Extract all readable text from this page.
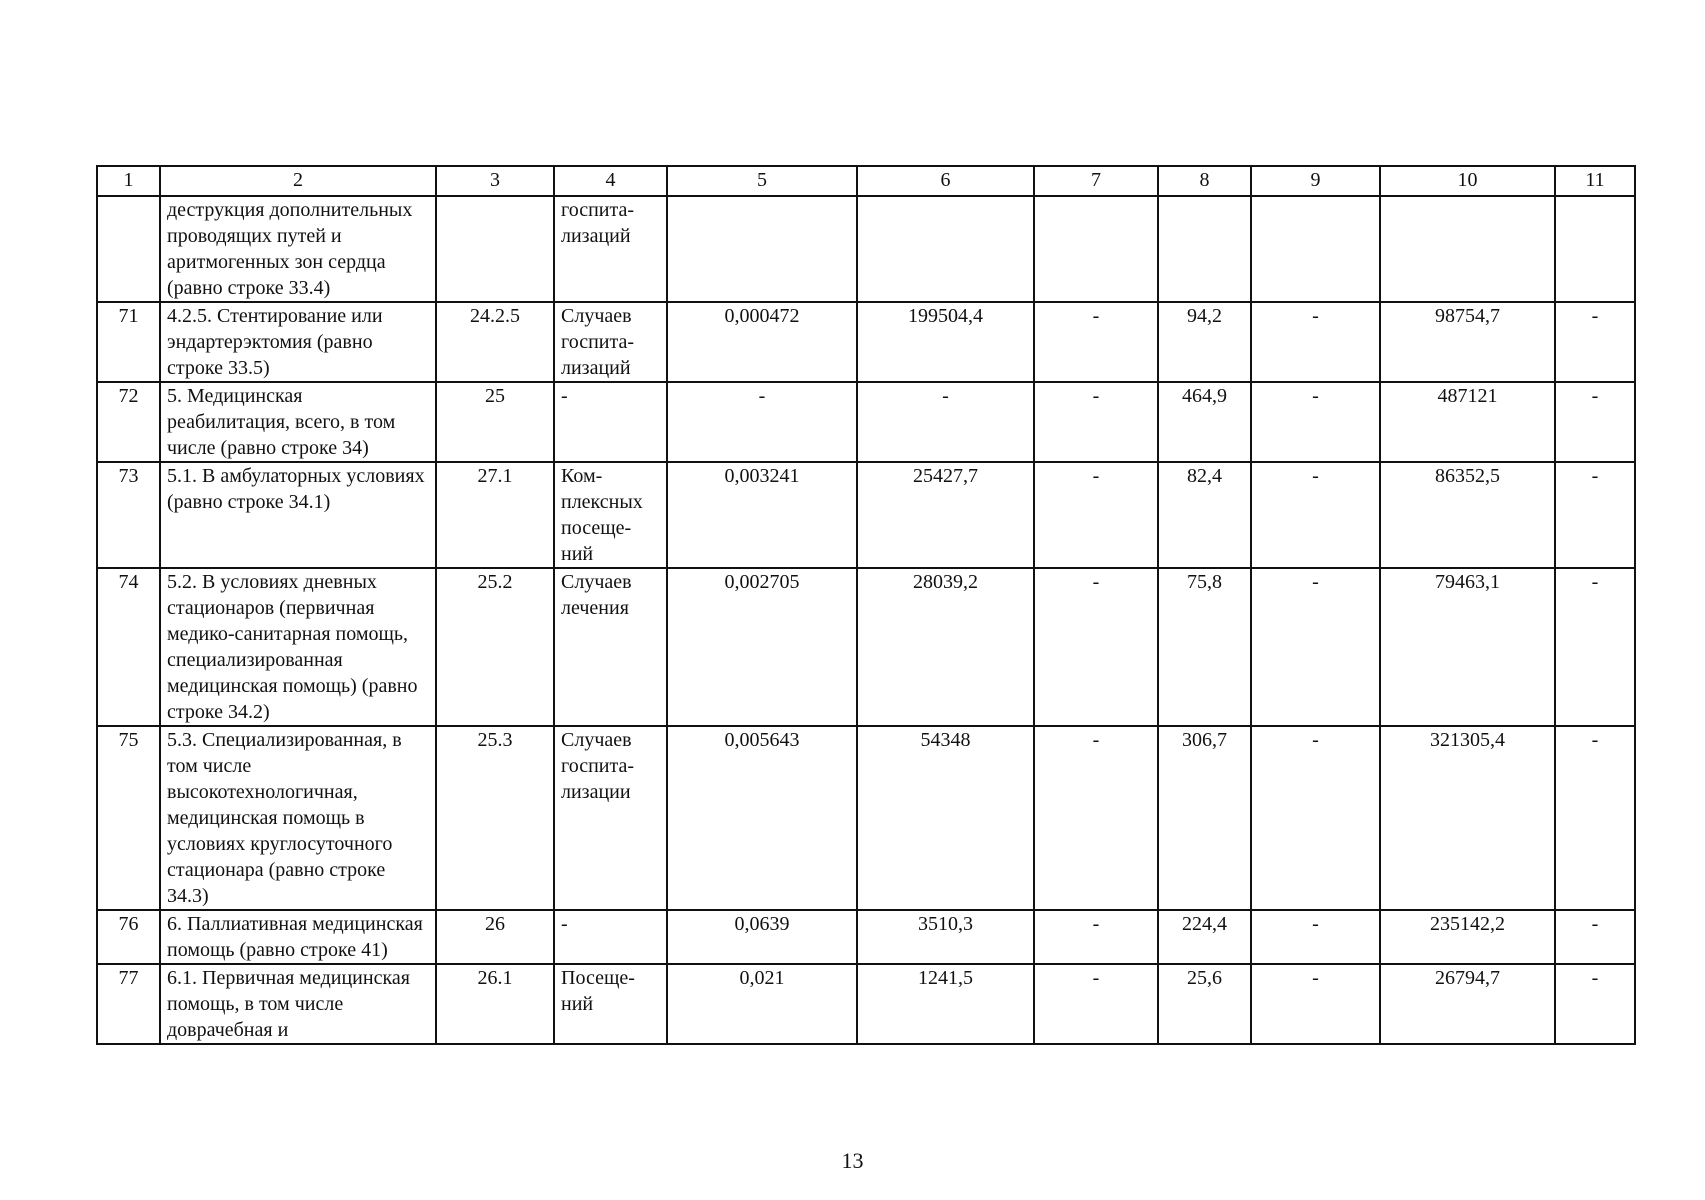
1	2	3	4	5	6	7	8	9	10	11
	деструкция дополнительных проводящих путей и аритмогенных зон сердца (равно строке 33.4)		госпита-лизаций							
71	4.2.5. Стентирование или эндартерэктомия (равно строке 33.5)	24.2.5	Случаев госпита-лизаций	0,000472	199504,4	-	94,2	-	98754,7	-
72	5. Медицинская реабилитация, всего, в том числе (равно строке 34)	25	-	-	-	-	464,9	-	487121	-
73	5.1. В амбулаторных условиях (равно строке 34.1)	27.1	Ком-плексных посеще-ний	0,003241	25427,7	-	82,4	-	86352,5	-
74	5.2. В условиях дневных стационаров (первичная медико-санитарная помощь, специализированная медицинская помощь) (равно строке 34.2)	25.2	Случаев лечения	0,002705	28039,2	-	75,8	-	79463,1	-
75	5.3. Специализированная, в том числе высокотехнологичная, медицинская помощь в условиях круглосуточного стационара (равно строке 34.3)	25.3	Случаев госпита-лизации	0,005643	54348	-	306,7	-	321305,4	-
76	6. Паллиативная медицинская помощь (равно строке 41)	26	-	0,0639	3510,3	-	224,4	-	235142,2	-
77	6.1. Первичная медицинская помощь, в том числе доврачебная и	26.1	Посеще-ний	0,021	1241,5	-	25,6	-	26794,7	-
13
